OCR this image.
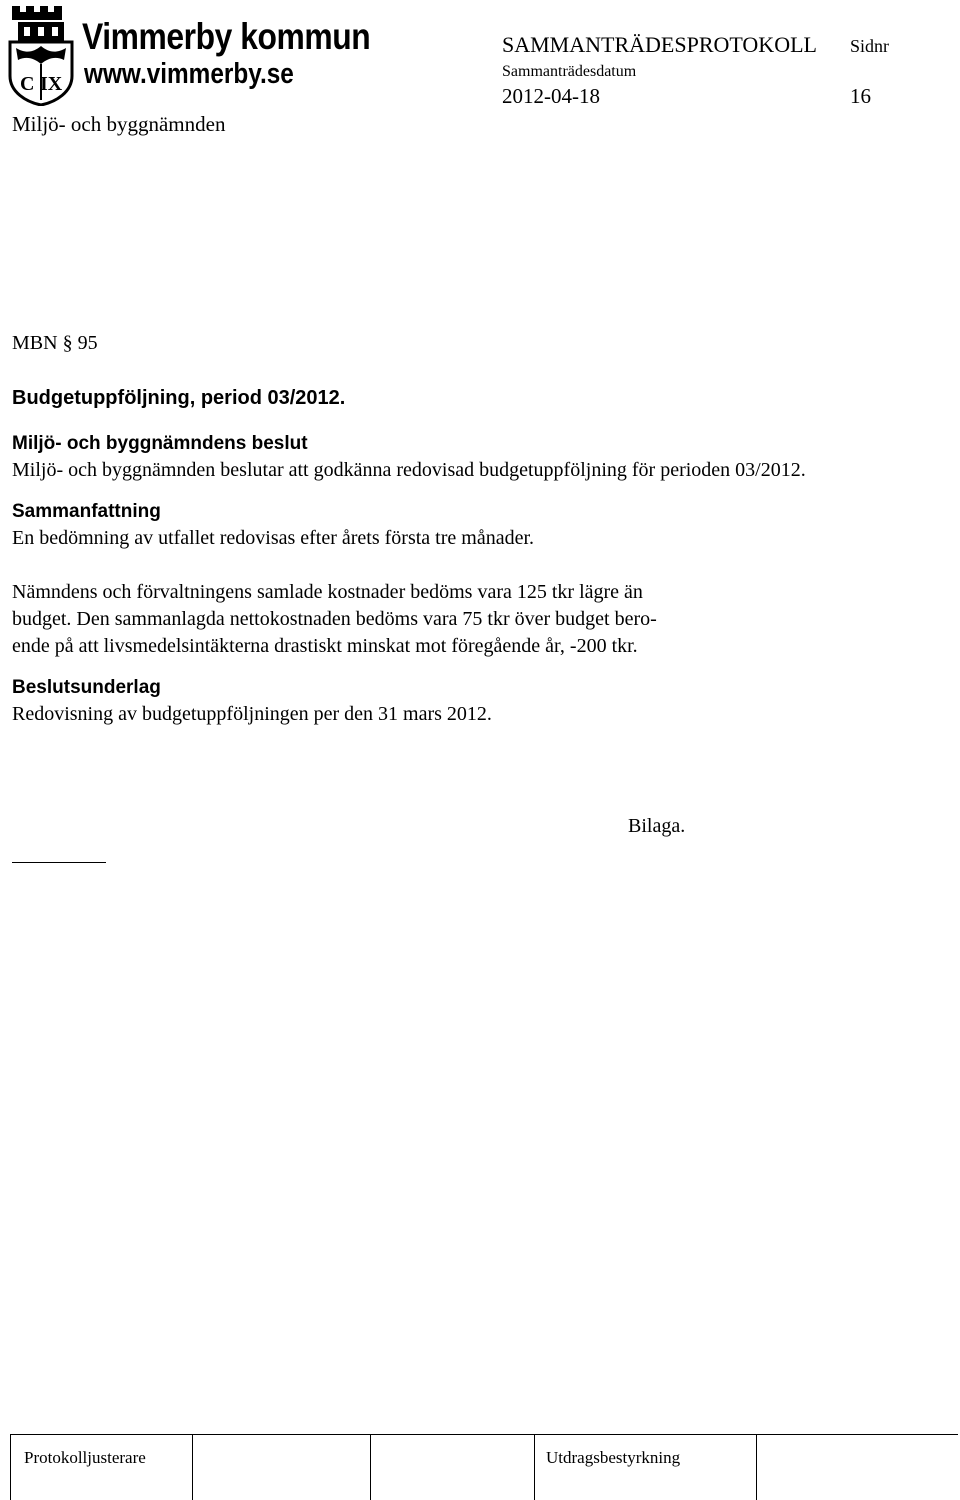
C IX
Vimmerby kommun
www.vimmerby.se
SAMMANTRÄDESPROTOKOLL Sidnr
Sammanträdesdatum
2012-04-18	16
Miljö- och byggnämnden

MBN § 95

Budgetuppföljning, period 03/2012.

Miljö- och byggnämndens beslut

Miljö- och byggnämnden beslutar att godkänna redovisad budgetuppföljning för perioden 03/2012.

Sammanfattning

En bedömning av utfallet redovisas efter årets första tre månader.

Nämndens och förvaltningens samlade kostnader bedöms vara 125 tkr lägre än
budget. Den sammanlagda nettokostnaden bedöms vara 75 tkr över budget bero-
ende på att livsmedelsintäkterna drastiskt minskat mot föregående år, -200 tkr.

Beslutsunderlag

Redovisning av budgetuppföljningen per den 31 mars 2012.

Bilaga.
Protokolljusterare	Utdragsbestyrkning
